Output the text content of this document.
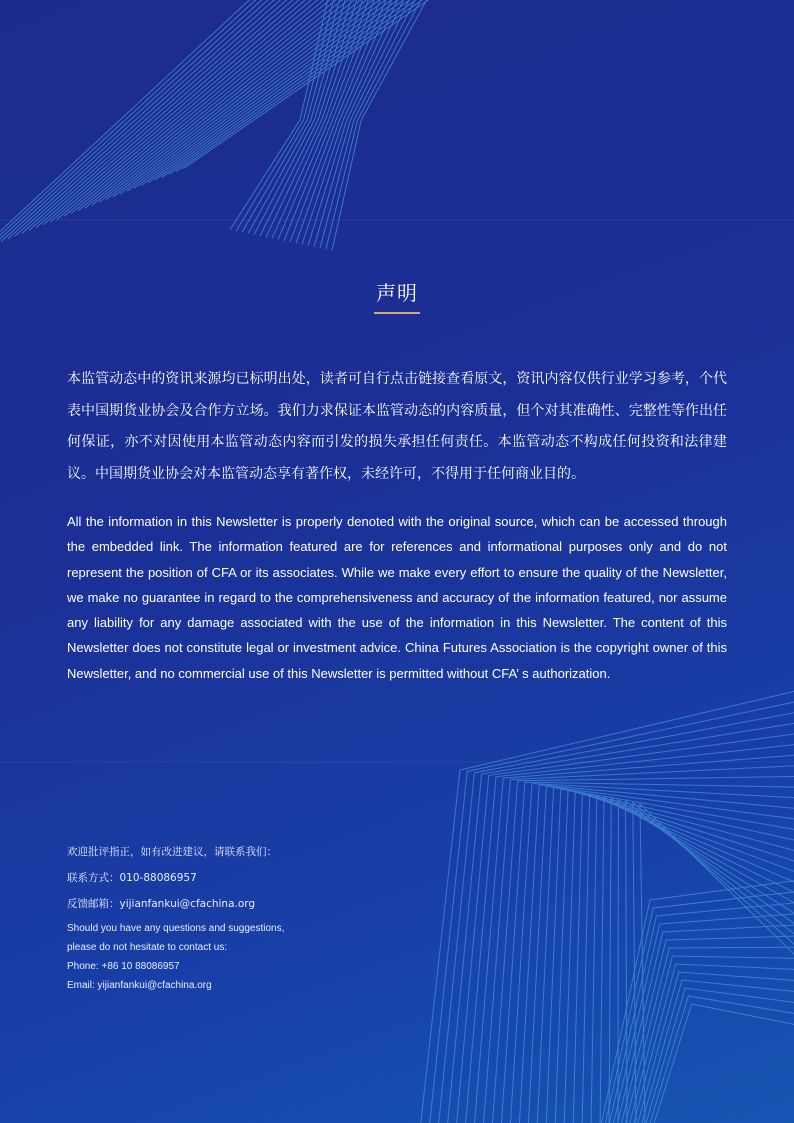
声明

本监管动态中的资讯来源均已标明出处，读者可自行点击链接查看原文，资讯内容仅供行业学习参考，个代表中国期货业协会及合作方立场。我们力求保证本监管动态的内容质量，但个对其准确性、完整性等作出任何保证，亦不对因使用本监管动态内容而引发的损失承担任何责任。本监管动态不构成任何投资和法律建议。中国期货业协会对本监管动态享有著作权，未经许可，不得用于任何商业目的。

All the information in this Newsletter is properly denoted with the original source, which can be accessed through the embedded link. The information featured are for references and informational purposes only and do not represent the position of CFA or its associates. While we make every effort to ensure the quality of the Newsletter, we make no guarantee in regard to the comprehensiveness and accuracy of the information featured, nor assume any liability for any damage associated with the use of the information in this Newsletter. The content of this Newsletter does not constitute legal or investment advice. China Futures Association is the copyright owner of this Newsletter, and no commercial use of this Newsletter is permitted without CFA’ s authorization.

欢迎批评指正，如有改进建议，请联系我们：
联系方式：010-88086957
反馈邮箱：yijianfankui@cfachina.org
Should you have any questions and suggestions,
please do not hesitate to contact us:
Phone: +86 10 88086957
Email: yijianfankui@cfachina.org
